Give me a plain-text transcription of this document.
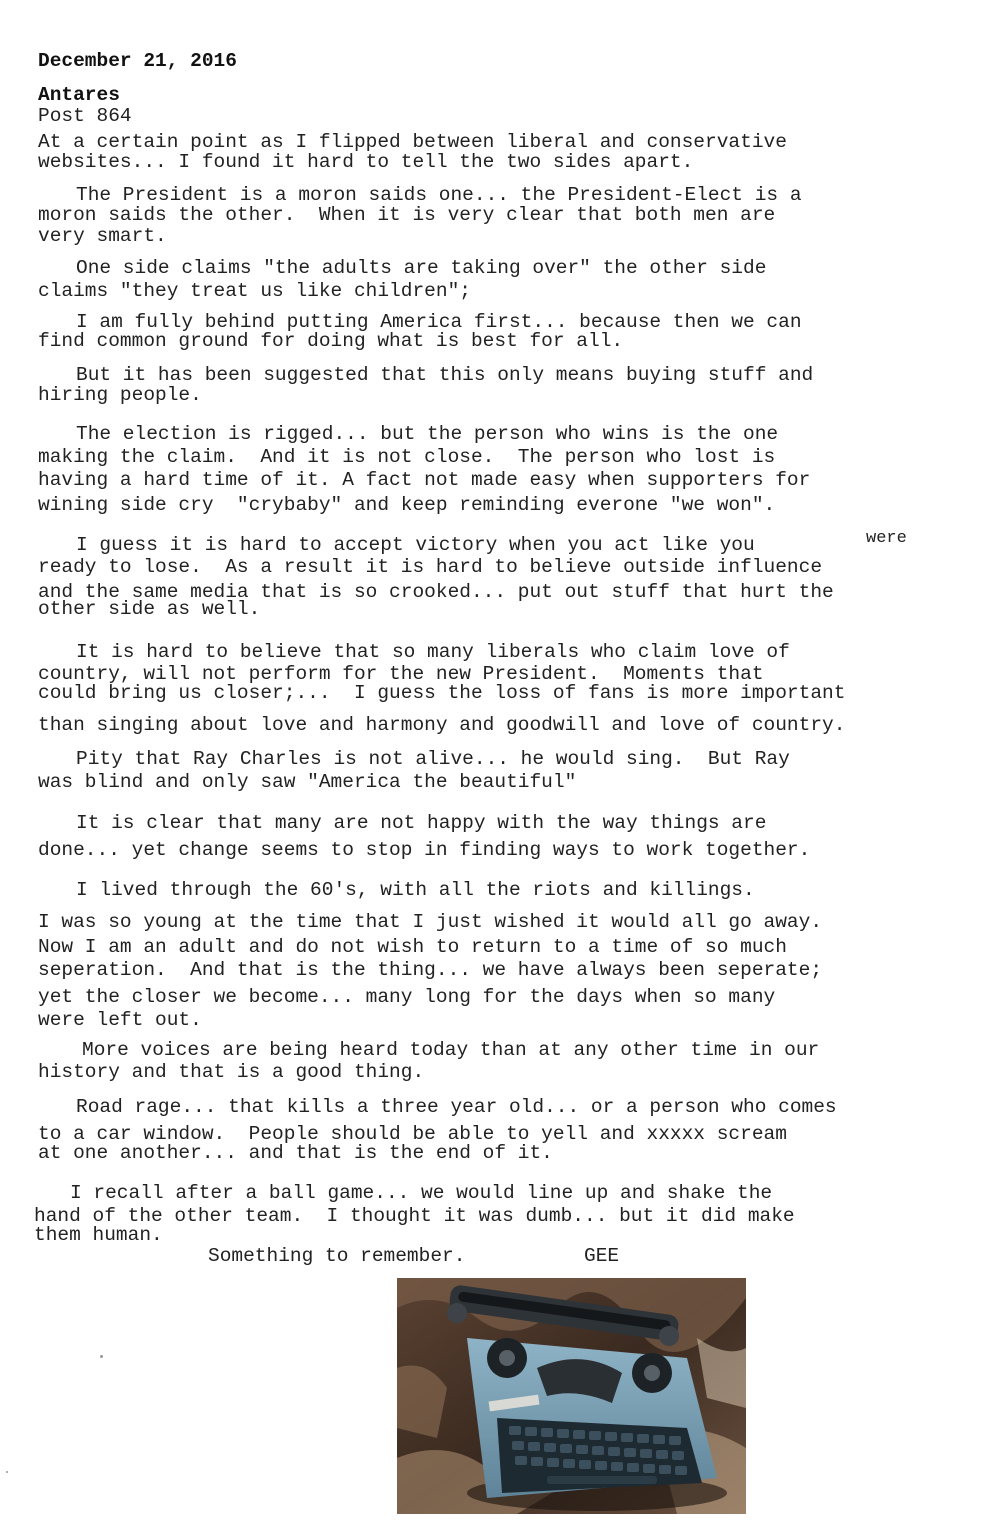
December 21, 2016
Antares
Post 864
At a certain point as I flipped between liberal and conservative
websites... I found it hard to tell the two sides apart.
The President is a moron saids one... the President-Elect is a
moron saids the other.  When it is very clear that both men are
very smart.
One side claims "the adults are taking over" the other side
claims "they treat us like children";
I am fully behind putting America first... because then we can
find common ground for doing what is best for all.
But it has been suggested that this only means buying stuff and
hiring people.
The election is rigged... but the person who wins is the one
making the claim.  And it is not close.  The person who lost is
having a hard time of it. A fact not made easy when supporters for
wining side cry  "crybaby" and keep reminding everone "we won".
I guess it is hard to accept victory when you act like you	were
ready to lose.  As a result it is hard to believe outside influence
and the same media that is so crooked... put out stuff that hurt the
other side as well.
It is hard to believe that so many liberals who claim love of
country, will not perform for the new President.  Moments that
could bring us closer;...  I guess the loss of fans is more important
than singing about love and harmony and goodwill and love of country.
Pity that Ray Charles is not alive... he would sing.  But Ray
was blind and only saw "America the beautiful"
It is clear that many are not happy with the way things are
done... yet change seems to stop in finding ways to work together.
I lived through the 60's, with all the riots and killings.
I was so young at the time that I just wished it would all go away.
Now I am an adult and do not wish to return to a time of so much
seperation.  And that is the thing... we have always been seperate;
yet the closer we become... many long for the days when so many
were left out.
More voices are being heard today than at any other time in our
history and that is a good thing.
Road rage... that kills a three year old... or a person who comes
to a car window.  People should be able to yell and xxxxx scream
at one another... and that is the end of it.
I recall after a ball game... we would line up and shake the
hand of the other team.  I thought it was dumb... but it did make
them human.
Something to remember.	GEE
